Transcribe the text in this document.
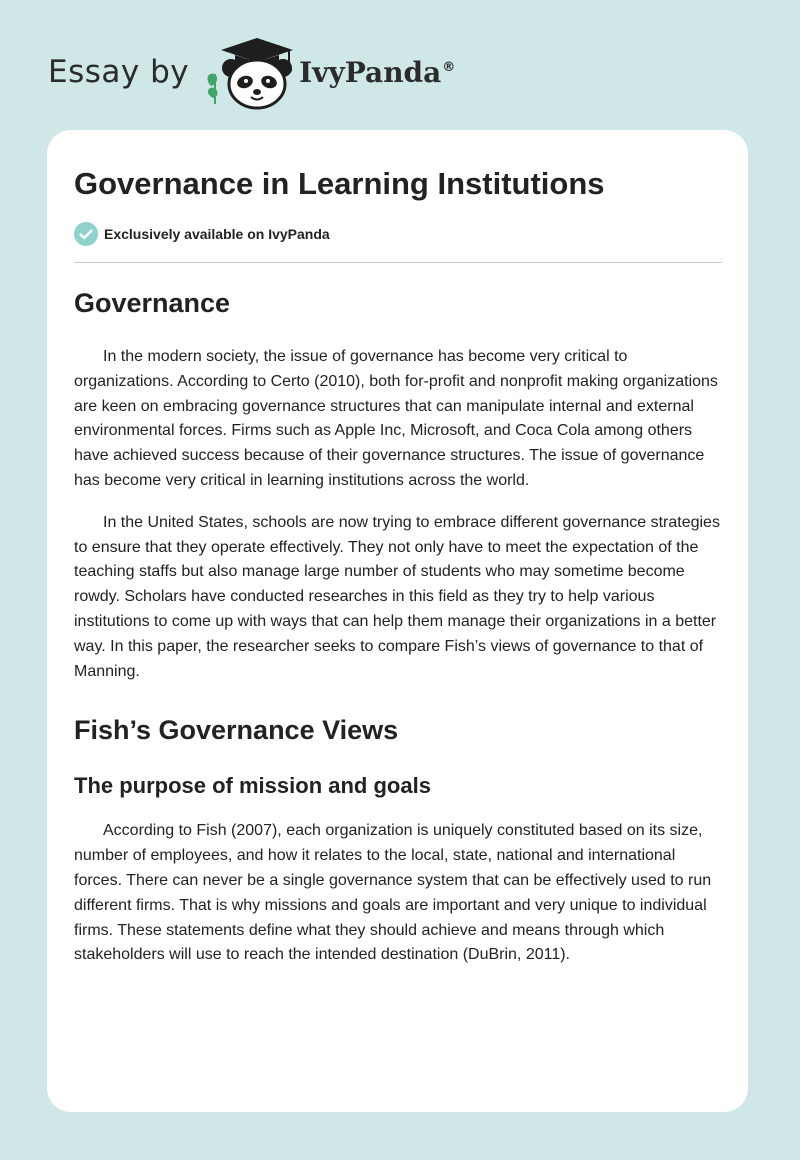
Essay by	IvyPanda®
Governance in Learning Institutions
Exclusively available on IvyPanda
Governance

In the modern society, the issue of governance has become very critical to organizations. According to Certo (2010), both for-profit and nonprofit making organizations are keen on embracing governance structures that can manipulate internal and external environmental forces. Firms such as Apple Inc, Microsoft, and Coca Cola among others have achieved success because of their governance structures. The issue of governance has become very critical in learning institutions across the world.

In the United States, schools are now trying to embrace different governance strategies to ensure that they operate effectively. They not only have to meet the expectation of the teaching staffs but also manage large number of students who may sometime become rowdy. Scholars have conducted researches in this field as they try to help various institutions to come up with ways that can help them manage their organizations in a better way. In this paper, the researcher seeks to compare Fish’s views of governance to that of Manning.

Fish’s Governance Views
The purpose of mission and goals

According to Fish (2007), each organization is uniquely constituted based on its size, number of employees, and how it relates to the local, state, national and international forces. There can never be a single governance system that can be effectively used to run different firms. That is why missions and goals are important and very unique to individual firms. These statements define what they should achieve and means through which stakeholders will use to reach the intended destination (DuBrin, 2011).
